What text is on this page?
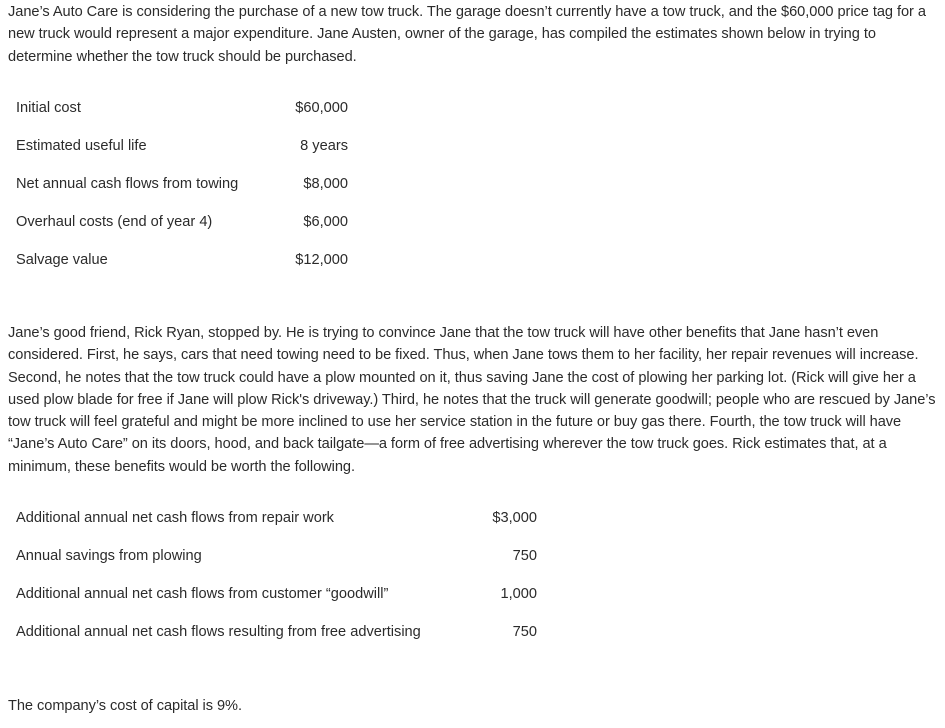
Jane’s Auto Care is considering the purchase of a new tow truck. The garage doesn’t currently have a tow truck, and the $60,000 price tag for a new truck would represent a major expenditure. Jane Austen, owner of the garage, has compiled the estimates shown below in trying to determine whether the tow truck should be purchased.

Initial cost	$60,000
Estimated useful life	8 years
Net annual cash flows from towing	$8,000
Overhaul costs (end of year 4)	$6,000
Salvage value	$12,000

Jane’s good friend, Rick Ryan, stopped by. He is trying to convince Jane that the tow truck will have other benefits that Jane hasn’t even considered. First, he says, cars that need towing need to be fixed. Thus, when Jane tows them to her facility, her repair revenues will increase. Second, he notes that the tow truck could have a plow mounted on it, thus saving Jane the cost of plowing her parking lot. (Rick will give her a used plow blade for free if Jane will plow Rick's driveway.) Third, he notes that the truck will generate goodwill; people who are rescued by Jane’s tow truck will feel grateful and might be more inclined to use her service station in the future or buy gas there. Fourth, the tow truck will have “Jane’s Auto Care” on its doors, hood, and back tailgate—a form of free advertising wherever the tow truck goes. Rick estimates that, at a minimum, these benefits would be worth the following.

Additional annual net cash flows from repair work	$3,000
Annual savings from plowing	750
Additional annual net cash flows from customer “goodwill”	1,000
Additional annual net cash flows resulting from free advertising	750

The company’s cost of capital is 9%.
